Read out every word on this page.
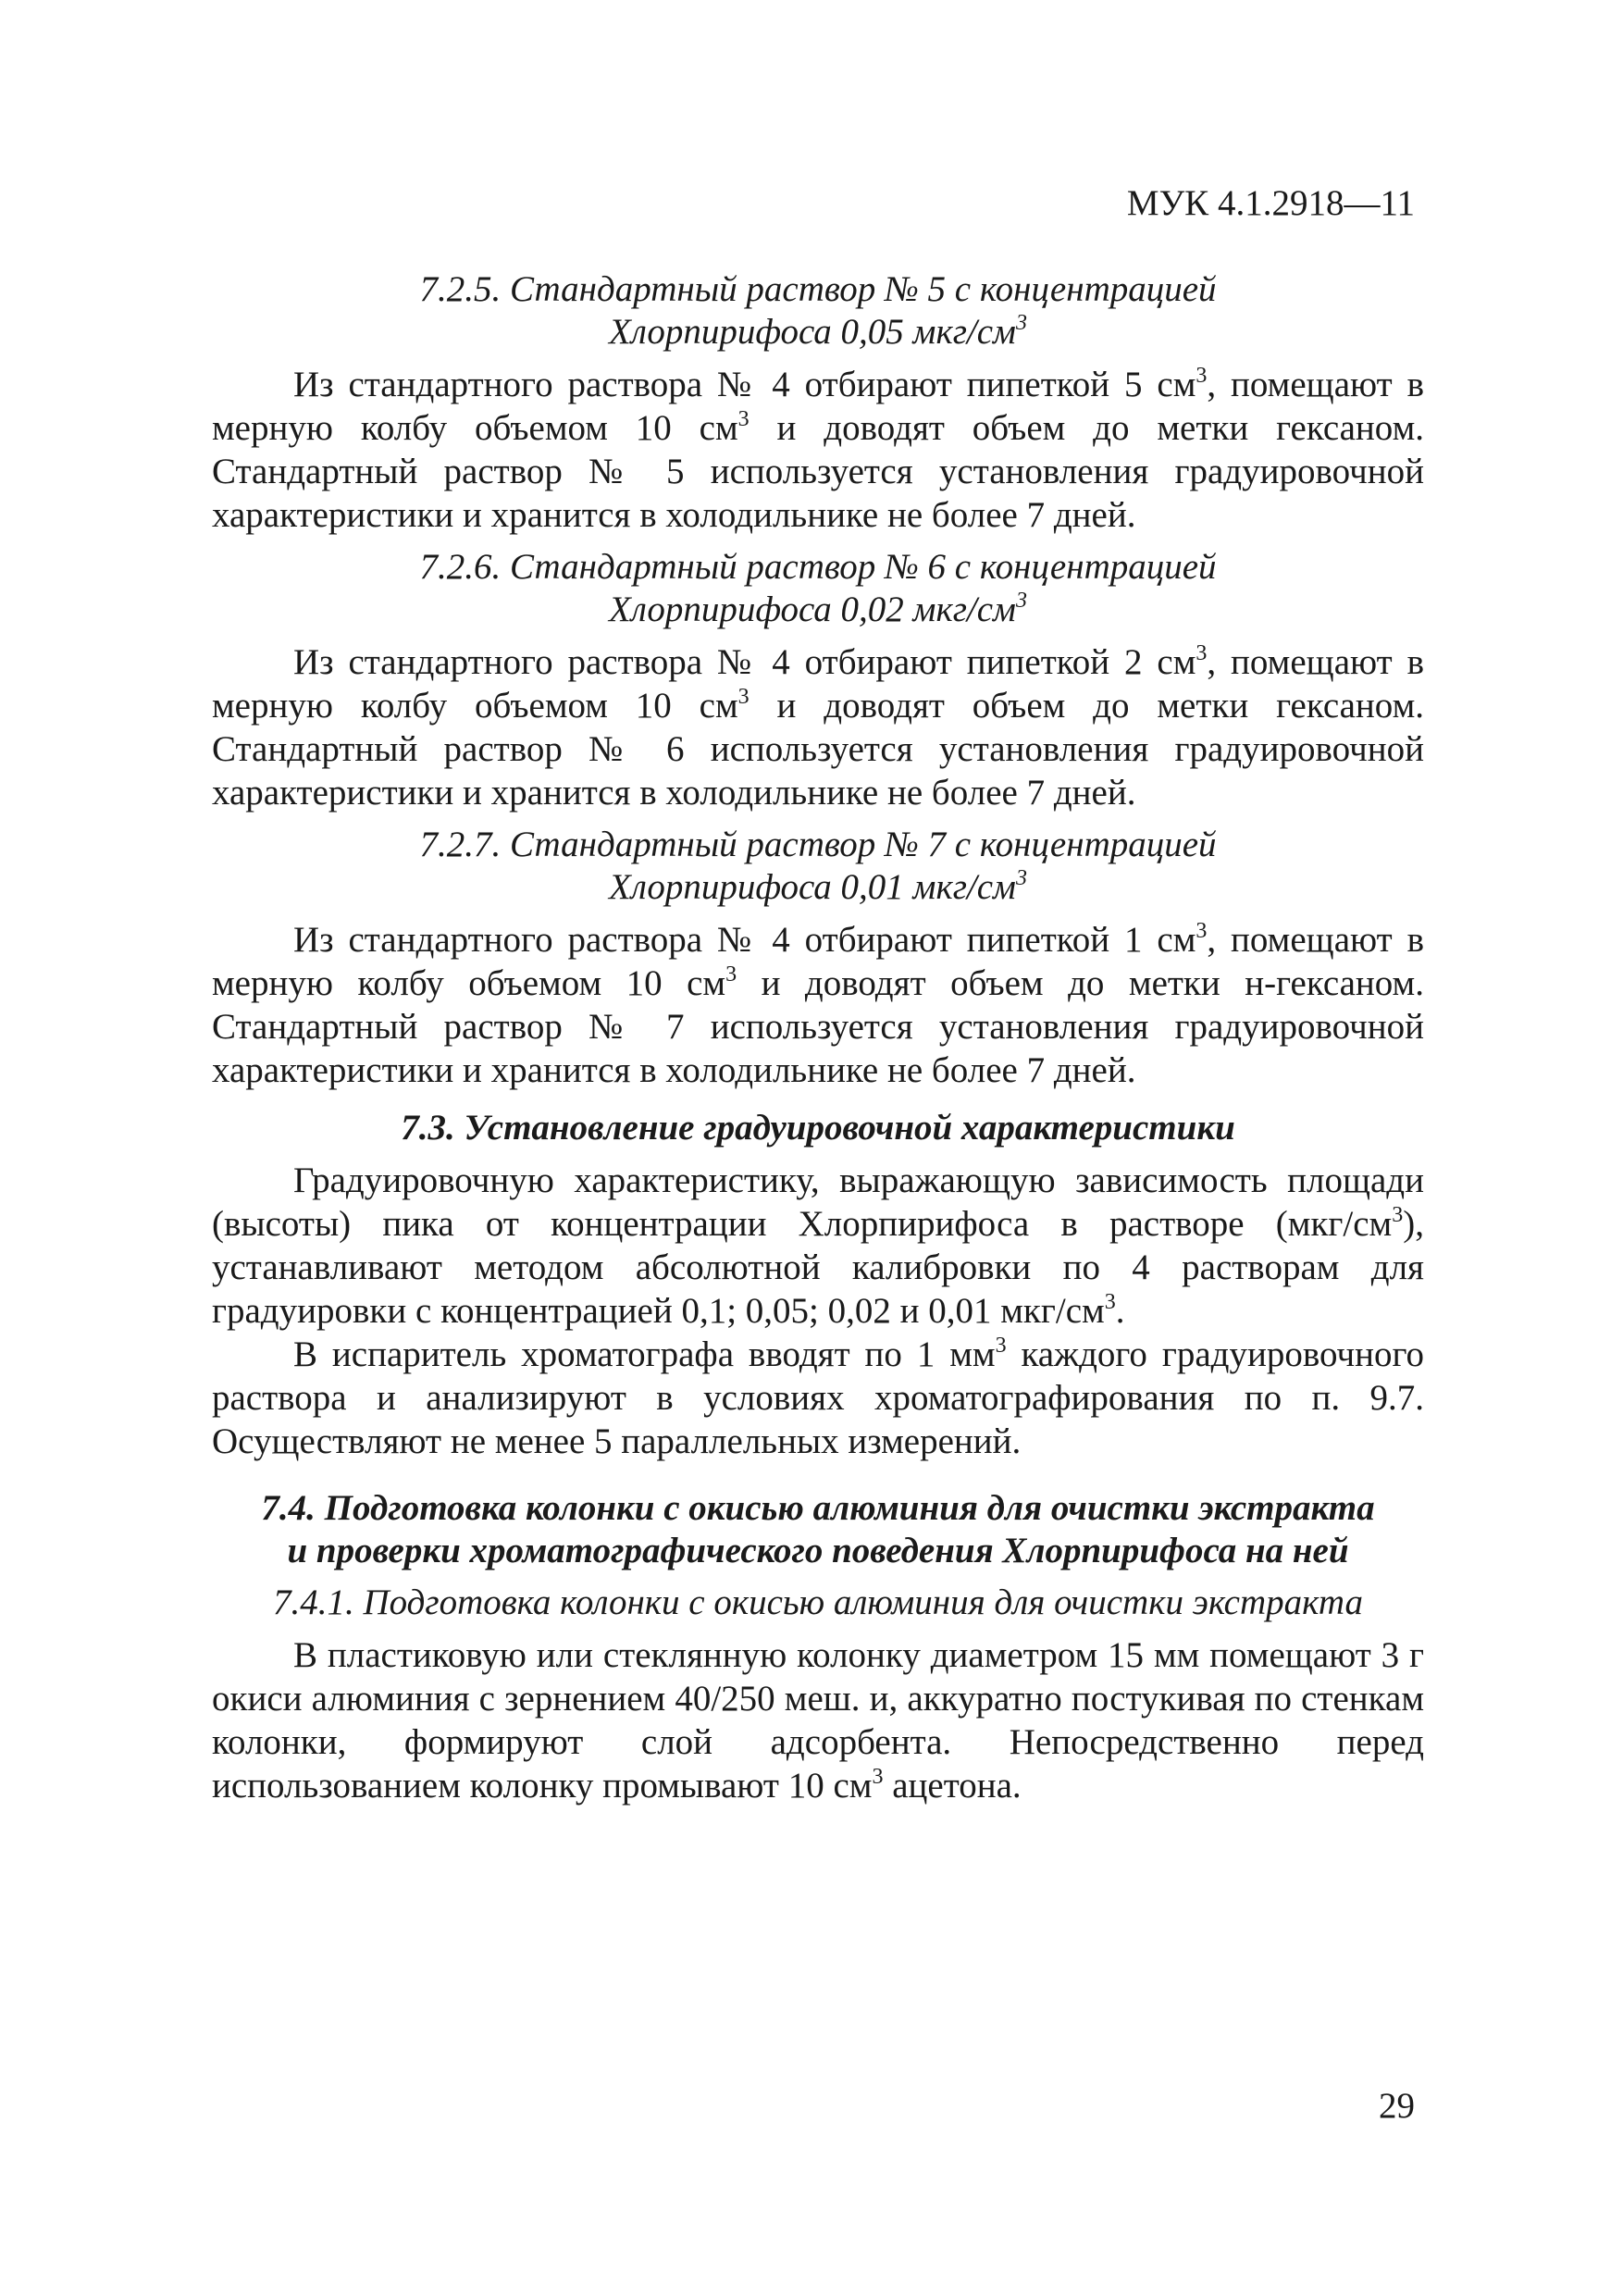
МУК 4.1.2918—11

7.2.5. Стандартный раствор № 5 с концентрацией
Хлорпирифоса 0,05 мкг/$см^3$

Из стандартного раствора № 4 отбирают пипеткой 5 $см^3$, помещают в мерную колбу объемом 10 $см^3$ и доводят объем до метки гексаном. Стандартный раствор № 5 используется установления градуировочной характеристики и хранится в холодильнике не более 7 дней.

7.2.6. Стандартный раствор № 6 с концентрацией
Хлорпирифоса 0,02 мкг/$см^3$

Из стандартного раствора № 4 отбирают пипеткой 2 $см^3$, помещают в мерную колбу объемом 10 $см^3$ и доводят объем до метки гексаном. Стандартный раствор № 6 используется установления градуировочной характеристики и хранится в холодильнике не более 7 дней.

7.2.7. Стандартный раствор № 7 с концентрацией
Хлорпирифоса 0,01 мкг/$см^3$

Из стандартного раствора № 4 отбирают пипеткой 1 $см^3$, помещают в мерную колбу объемом 10 $см^3$ и доводят объем до метки н-гексаном. Стандартный раствор № 7 используется установления градуировочной характеристики и хранится в холодильнике не более 7 дней.

7.3. Установление градуировочной характеристики

Градуировочную характеристику, выражающую зависимость площади (высоты) пика от концентрации Хлорпирифоса в растворе $(мкг/см^3)$, устанавливают методом абсолютной калибровки по 4 растворам для градуировки с концентрацией 0,1; 0,05; 0,02 и 0,01 мкг/$см^3$.

В испаритель хроматографа вводят по 1 $мм^3$ каждого градуировочного раствора и анализируют в условиях хроматографирования по п. 9.7. Осуществляют не менее 5 параллельных измерений.

7.4. Подготовка колонки с окисью алюминия для очистки экстракта
и проверки хроматографического поведения Хлорпирифоса на ней

7.4.1. Подготовка колонки с окисью алюминия для очистки экстракта

В пластиковую или стеклянную колонку диаметром 15 мм помещают 3 г окиси алюминия с зернением 40/250 меш. и, аккуратно постукивая по стенкам колонки, формируют слой адсорбента. Непосредственно перед использованием колонку промывают 10 $см^3$ ацетона.

29
